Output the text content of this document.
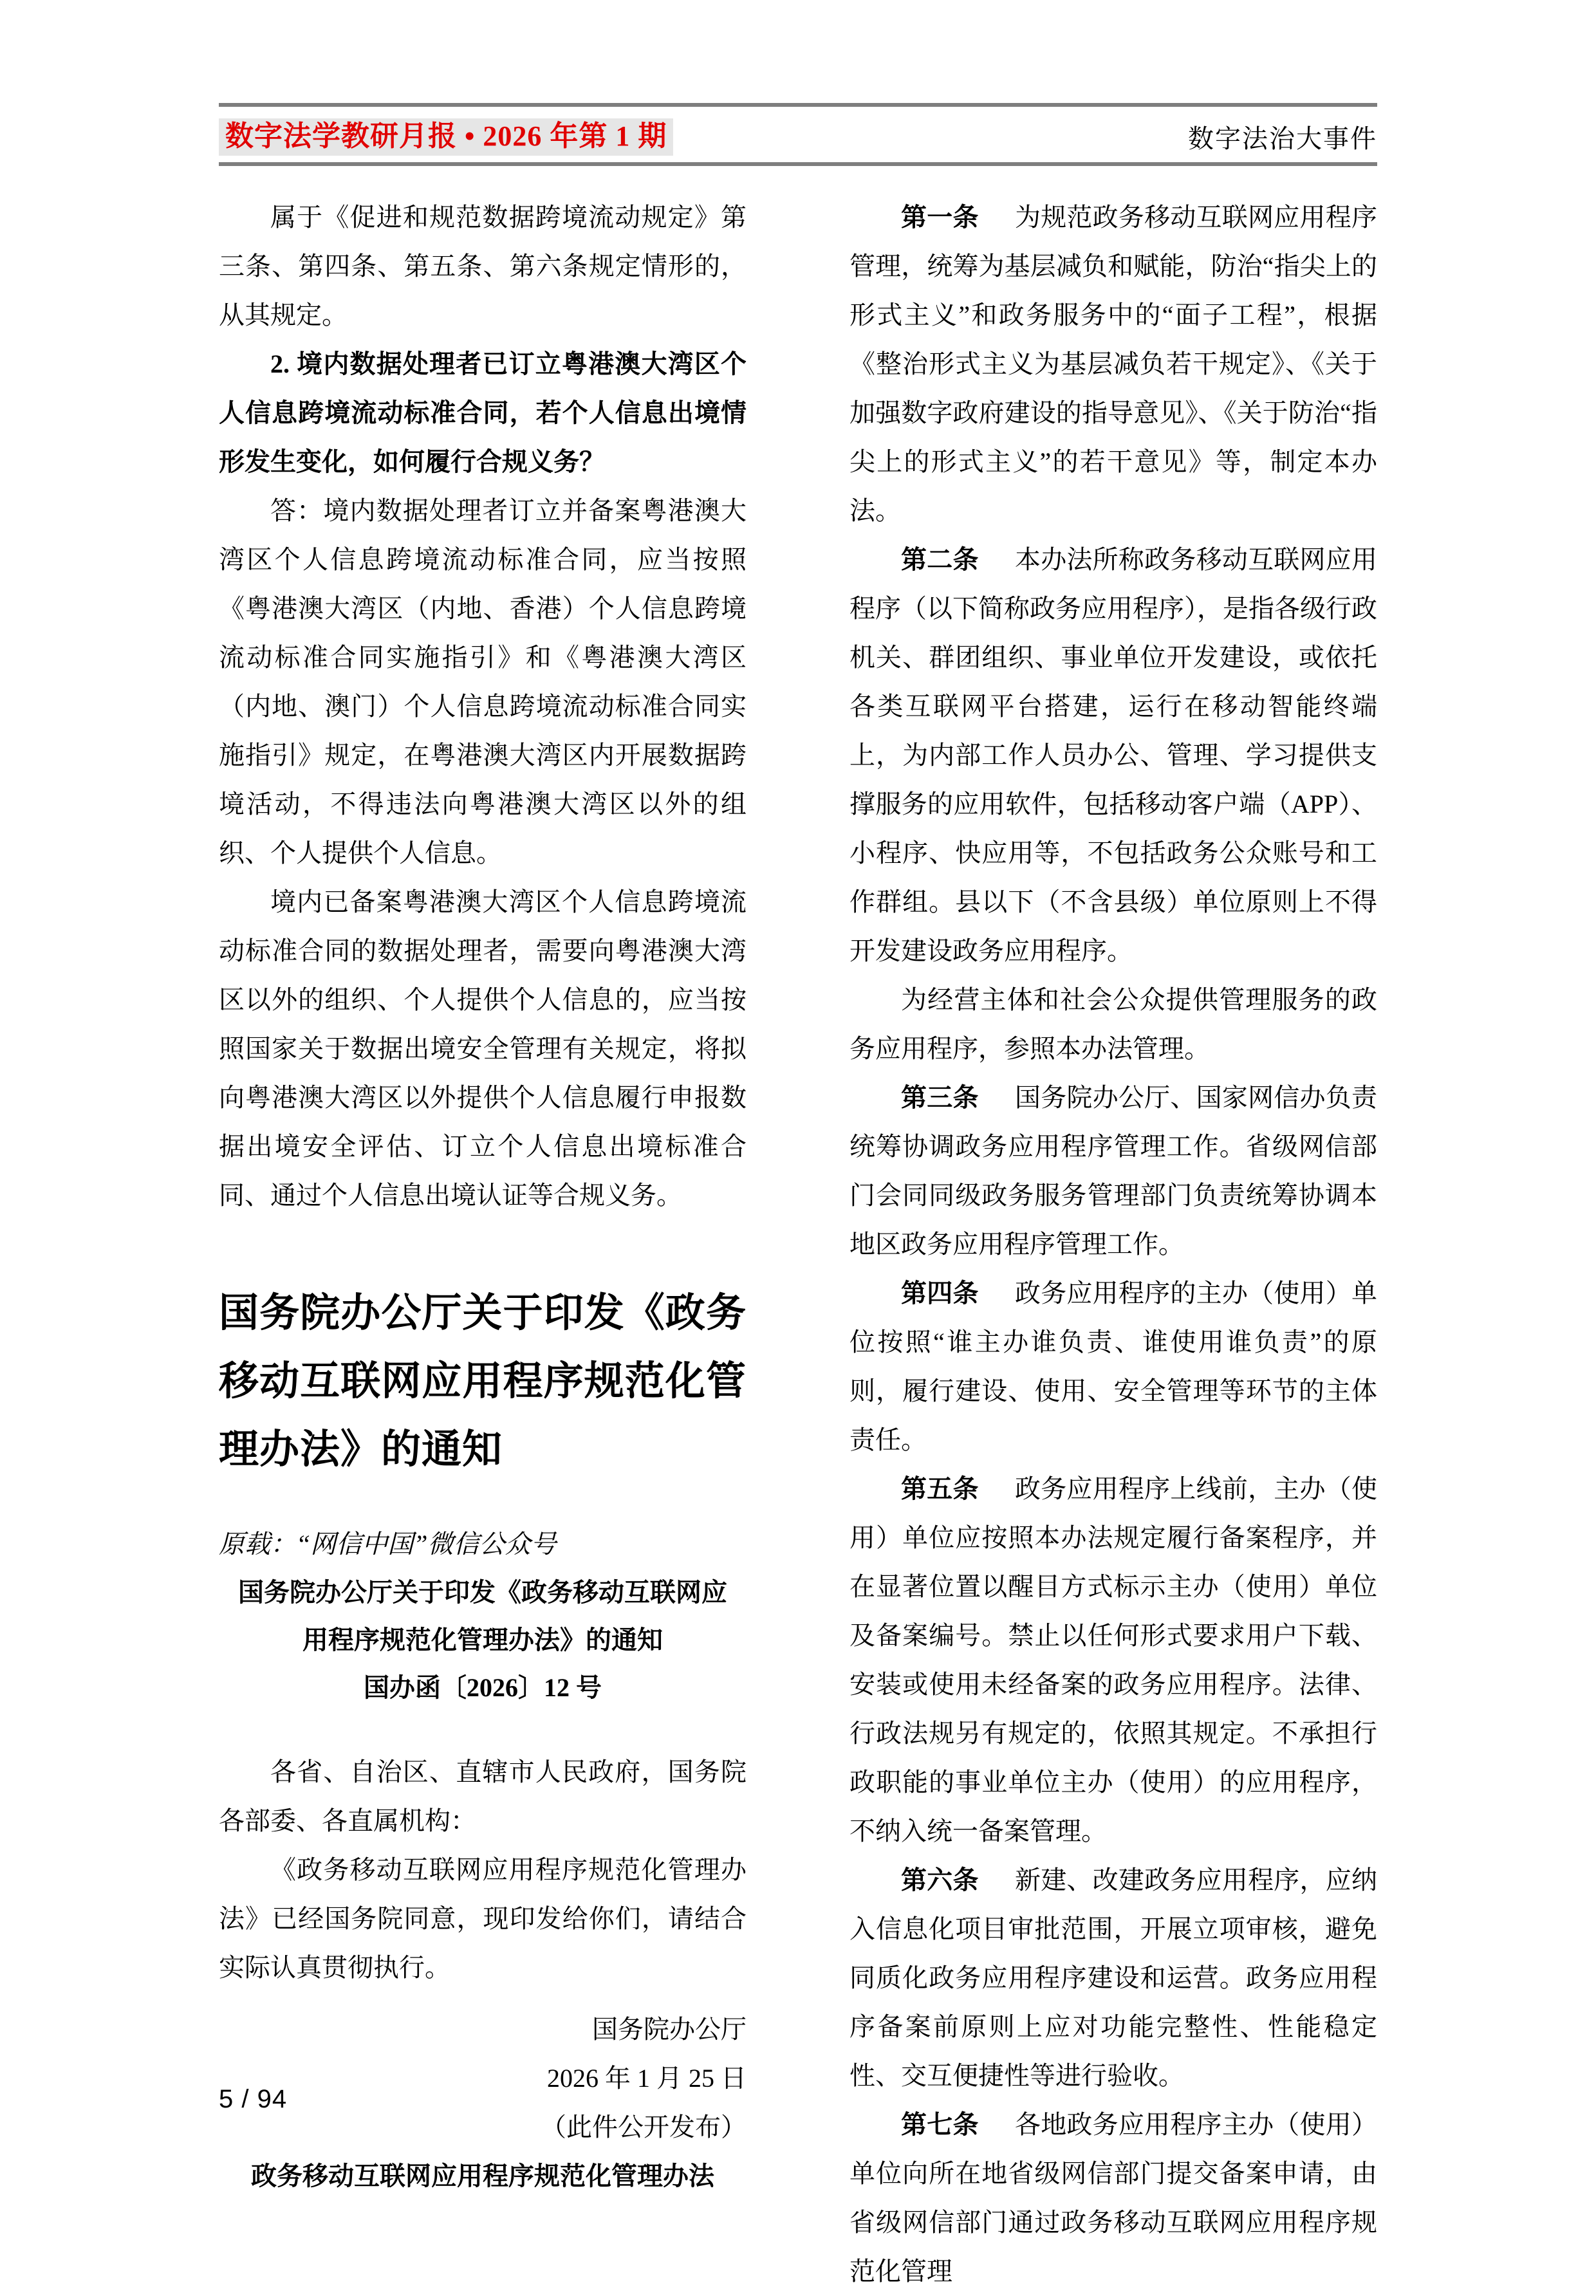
数字法学教研月报 • 2026 年第 1 期	数字法治大事件

属于《促进和规范数据跨境流动规定》第三条、第四条、第五条、第六条规定情形的，从其规定。

2. 境内数据处理者已订立粤港澳大湾区个人信息跨境流动标准合同，若个人信息出境情形发生变化，如何履行合规义务？

答：境内数据处理者订立并备案粤港澳大湾区个人信息跨境流动标准合同，应当按照《粤港澳大湾区（内地、香港）个人信息跨境流动标准合同实施指引》和《粤港澳大湾区（内地、澳门）个人信息跨境流动标准合同实施指引》规定，在粤港澳大湾区内开展数据跨境活动，不得违法向粤港澳大湾区以外的组织、个人提供个人信息。

境内已备案粤港澳大湾区个人信息跨境流动标准合同的数据处理者，需要向粤港澳大湾区以外的组织、个人提供个人信息的，应当按照国家关于数据出境安全管理有关规定，将拟向粤港澳大湾区以外提供个人信息履行申报数据出境安全评估、订立个人信息出境标准合同、通过个人信息出境认证等合规义务。

国务院办公厅关于印发《政务移动互联网应用程序规范化管理办法》的通知

原载：“网信中国”微信公众号

国务院办公厅关于印发《政务移动互联网应

用程序规范化管理办法》的通知

国办函〔2026〕12 号

各省、自治区、直辖市人民政府，国务院各部委、各直属机构：

《政务移动互联网应用程序规范化管理办法》已经国务院同意，现印发给你们，请结合实际认真贯彻执行。

国务院办公厅

2026 年 1 月 25 日

（此件公开发布）

政务移动互联网应用程序规范化管理办法

第一条 为规范政务移动互联网应用程序管理，统筹为基层减负和赋能，防治“指尖上的形式主义”和政务服务中的“面子工程”，根据《整治形式主义为基层减负若干规定》、《关于加强数字政府建设的指导意见》、《关于防治“指尖上的形式主义”的若干意见》等，制定本办法。

第二条 本办法所称政务移动互联网应用程序（以下简称政务应用程序），是指各级行政机关、群团组织、事业单位开发建设，或依托各类互联网平台搭建，运行在移动智能终端上，为内部工作人员办公、管理、学习提供支撑服务的应用软件，包括移动客户端（APP）、小程序、快应用等，不包括政务公众账号和工作群组。县以下（不含县级）单位原则上不得开发建设政务应用程序。

为经营主体和社会公众提供管理服务的政务应用程序，参照本办法管理。

第三条 国务院办公厅、国家网信办负责统筹协调政务应用程序管理工作。省级网信部门会同同级政务服务管理部门负责统筹协调本地区政务应用程序管理工作。

第四条 政务应用程序的主办（使用）单位按照“谁主办谁负责、谁使用谁负责”的原则，履行建设、使用、安全管理等环节的主体责任。

第五条 政务应用程序上线前，主办（使用）单位应按照本办法规定履行备案程序，并在显著位置以醒目方式标示主办（使用）单位及备案编号。禁止以任何形式要求用户下载、安装或使用未经备案的政务应用程序。法律、行政法规另有规定的，依照其规定。不承担行政职能的事业单位主办（使用）的应用程序，不纳入统一备案管理。

第六条 新建、改建政务应用程序，应纳入信息化项目审批范围，开展立项审核，避免同质化政务应用程序建设和运营。政务应用程序备案前原则上应对功能完整性、性能稳定性、交互便捷性等进行验收。

第七条 各地政务应用程序主办（使用）单位向所在地省级网信部门提交备案申请，由省级网信部门通过政务移动互联网应用程序规范化管理

5 / 94
